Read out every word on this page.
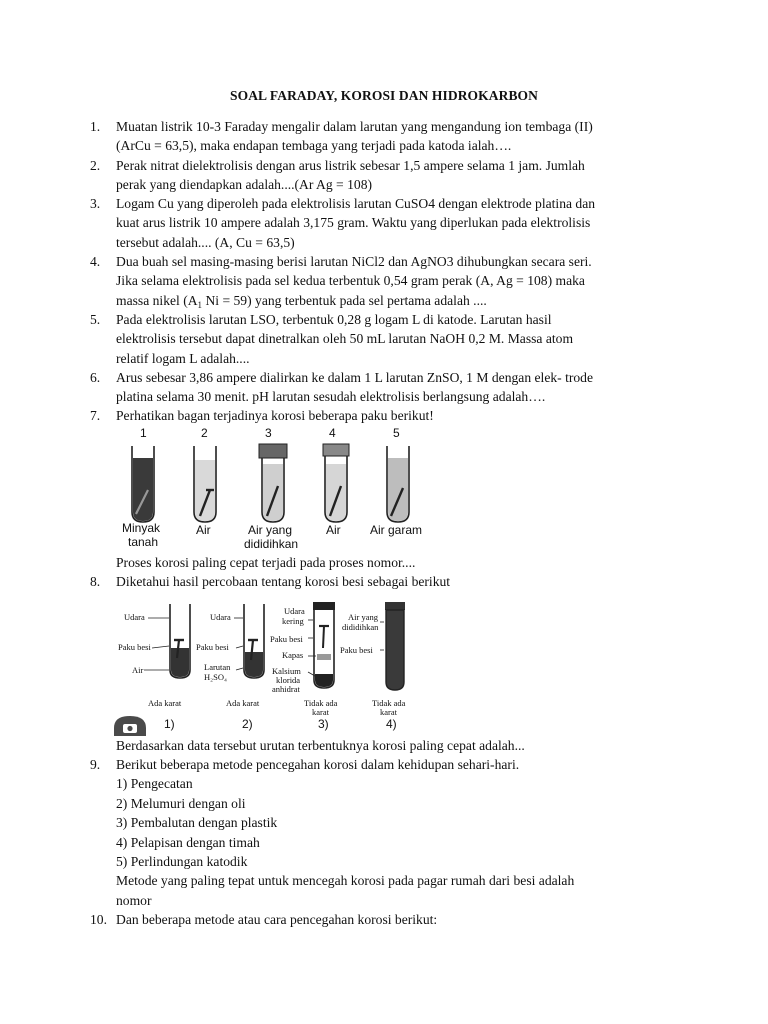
SOAL FARADAY, KOROSI DAN HIDROKARBON
1.	Muatan listrik 10-3 Faraday mengalir dalam larutan yang mengandung ion tembaga (II)
(ArCu = 63,5), maka endapan tembaga yang terjadi pada katoda ialah….
2.	Perak nitrat dielektrolisis dengan arus listrik sebesar 1,5 ampere selama 1 jam. Jumlah
perak yang diendapkan adalah....(Ar Ag = 108)
3.	Logam Cu yang diperoleh pada elektrolisis larutan CuSO4 dengan elektrode platina dan
kuat arus listrik 10 ampere adalah 3,175 gram. Waktu yang diperlukan pada elektrolisis
tersebut adalah.... (A, Cu = 63,5)
4.	Dua buah sel masing-masing berisi larutan NiCl2 dan AgNO3 dihubungkan secara seri.
Jika selama elektrolisis pada sel kedua terbentuk 0,54 gram perak (A, Ag = 108) maka
massa nikel ($A_1$ Ni = 59) yang terbentuk pada sel pertama adalah ....
5.	Pada elektrolisis larutan LSO, terbentuk 0,28 g logam L di katode. Larutan hasil
elektrolisis tersebut dapat dinetralkan oleh 50 mL larutan NaOH 0,2 M. Massa atom
relatif logam L adalah....
6.	Arus sebesar 3,86 ampere dialirkan ke dalam 1 L larutan ZnSO, 1 M dengan elek- trode
platina selama 30 menit. pH larutan sesudah elektrolisis berlangsung adalah….
7.	Perhatikan bagan terjadinya korosi beberapa paku berikut!
1	2	3	4	5
Minyak
tanah
Air	Air yang
dididihkan
Air Air garam
Proses korosi paling cepat terjadi pada proses nomor....
8.	Diketahui hasil percobaan tentang korosi besi sebagai berikut
Udara
Paku besi
Air
Ada karat
1)
Udara
Paku besi
Larutan
H₂SO₄
Ada karat
2)
Udara
kering
Paku besi
Kapas
Kalsium
klorida
anhidrat
Tidak ada
karat
3)
Air yang
dididihkan
Paku besi
Tidak ada
karat
4)
Berdasarkan data tersebut urutan terbentuknya korosi paling cepat adalah...
9.	Berikut beberapa metode pencegahan korosi dalam kehidupan sehari-hari.
1) Pengecatan
2) Melumuri dengan oli
3) Pembalutan dengan plastik
4) Pelapisan dengan timah
5) Perlindungan katodik
Metode yang paling tepat untuk mencegah korosi pada pagar rumah dari besi adalah
nomor
10. Dan beberapa metode atau cara pencegahan korosi berikut:
